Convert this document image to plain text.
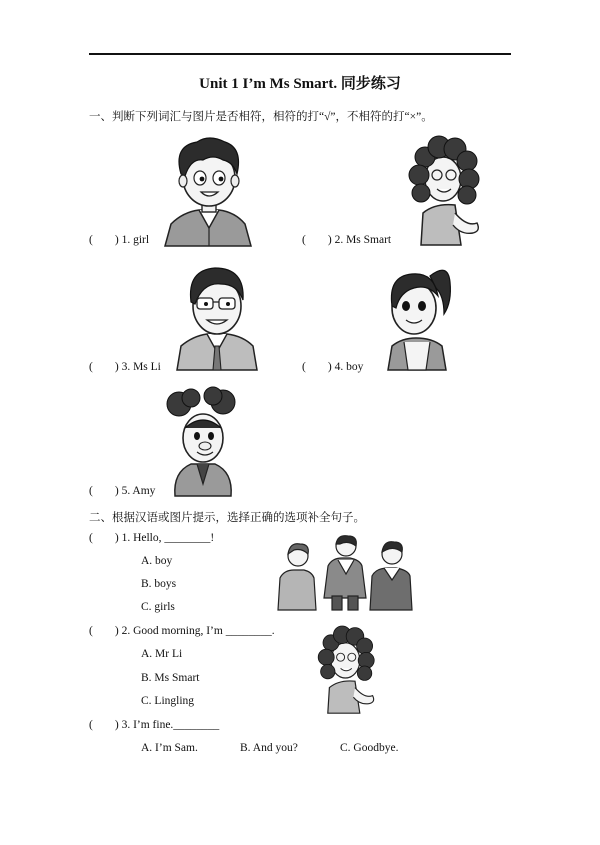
Unit 1 I’m Ms Smart. 同步练习
一、判断下列词汇与图片是否相符，相符的打“√”，不相符的打“×”。
( ) 1. girl	( ) 2. Ms Smart
( ) 3. Ms Li	( ) 4. boy
( ) 5. Amy
二、根据汉语或图片提示，选择正确的选项补全句子。
( ) 1. Hello, ________!
A. boy
B. boys
C. girls
( ) 2. Good morning, I’m ________.
A. Mr Li
B. Ms Smart
C. Lingling
( ) 3. I’m fine.________
A. I’m Sam.	B. And you?	C. Goodbye.
